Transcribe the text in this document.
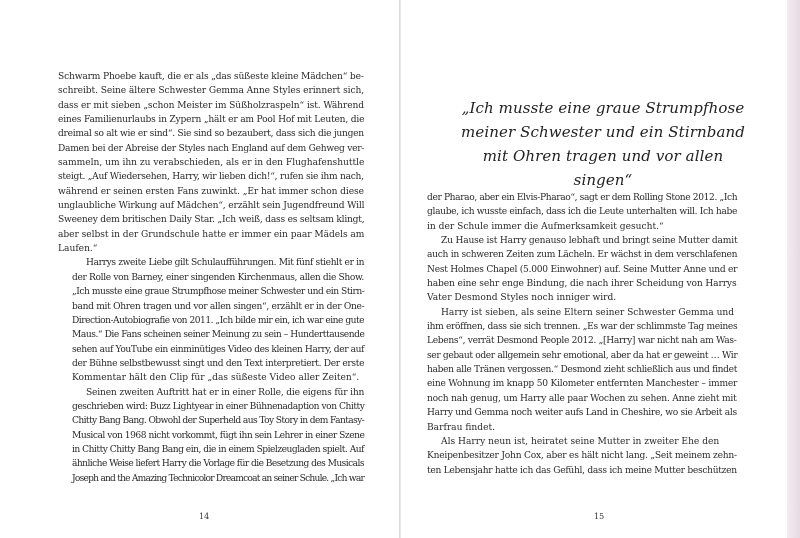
Schwarm Phoebe kauft, die er als „das süßeste kleine Mädchen“ be-
schreibt. Seine ältere Schwester Gemma Anne Styles erinnert sich,
dass er mit sieben „schon Meister im Süßholzraspeln“ ist. Während
eines Familienurlaubs in Zypern „hält er am Pool Hof mit Leuten, die
dreimal so alt wie er sind“. Sie sind so bezaubert, dass sich die jungen
Damen bei der Abreise der Styles nach England auf dem Gehweg ver-
sammeln, um ihn zu verabschieden, als er in den Flughafenshuttle
steigt. „Auf Wiedersehen, Harry, wir lieben dich!“, rufen sie ihm nach,
während er seinen ersten Fans zuwinkt. „Er hat immer schon diese
unglaubliche Wirkung auf Mädchen“, erzählt sein Jugendfreund Will
Sweeney dem britischen Daily Star. „Ich weiß, dass es seltsam klingt,
aber selbst in der Grundschule hatte er immer ein paar Mädels am
Laufen.“

Harrys zweite Liebe gilt Schulaufführungen. Mit fünf stiehlt er in
der Rolle von Barney, einer singenden Kirchenmaus, allen die Show.
„Ich musste eine graue Strumpfhose meiner Schwester und ein Stirn-
band mit Ohren tragen und vor allen singen“, erzählt er in der One-
Direction-Autobiografie von 2011. „Ich bilde mir ein, ich war eine gute
Maus.“ Die Fans scheinen seiner Meinung zu sein – Hunderttausende
sehen auf YouTube ein einminütiges Video des kleinen Harry, der auf
der Bühne selbstbewusst singt und den Text interpretiert. Der erste
Kommentar hält den Clip für „das süßeste Video aller Zeiten“.

Seinen zweiten Auftritt hat er in einer Rolle, die eigens für ihn
geschrieben wird: Buzz Lightyear in einer Bühnenadaption von Chitty
Chitty Bang Bang. Obwohl der Superheld aus Toy Story in dem Fantasy-
Musical von 1968 nicht vorkommt, fügt ihn sein Lehrer in einer Szene
in Chitty Chitty Bang Bang ein, die in einem Spielzeugladen spielt. Auf
ähnliche Weise liefert Harry die Vorlage für die Besetzung des Musicals
Joseph and the Amazing Technicolor Dreamcoat an seiner Schule. „Ich war

14
„Ich musste eine graue Strumpfhose meiner Schwester und ein Stirnband mit Ohren tragen und vor allen singen“

der Pharao, aber ein Elvis-Pharao“, sagt er dem Rolling Stone 2012. „Ich
glaube, ich wusste einfach, dass ich die Leute unterhalten will. Ich habe
in der Schule immer die Aufmerksamkeit gesucht.“

Zu Hause ist Harry genauso lebhaft und bringt seine Mutter damit
auch in schweren Zeiten zum Lächeln. Er wächst in dem verschlafenen
Nest Holmes Chapel (5.000 Einwohner) auf. Seine Mutter Anne und er
haben eine sehr enge Bindung, die nach ihrer Scheidung von Harrys
Vater Desmond Styles noch inniger wird.

Harry ist sieben, als seine Eltern seiner Schwester Gemma und
ihm eröffnen, dass sie sich trennen. „Es war der schlimmste Tag meines
Lebens“, verrät Desmond People 2012. „[Harry] war nicht nah am Was-
ser gebaut oder allgemein sehr emotional, aber da hat er geweint … Wir
haben alle Tränen vergossen.“ Desmond zieht schließlich aus und findet
eine Wohnung im knapp 50 Kilometer entfernten Manchester – immer
noch nah genug, um Harry alle paar Wochen zu sehen. Anne zieht mit
Harry und Gemma noch weiter aufs Land in Cheshire, wo sie Arbeit als
Barfrau findet.

Als Harry neun ist, heiratet seine Mutter in zweiter Ehe den
Kneipenbesitzer John Cox, aber es hält nicht lang. „Seit meinem zehn-
ten Lebensjahr hatte ich das Gefühl, dass ich meine Mutter beschützen

15
